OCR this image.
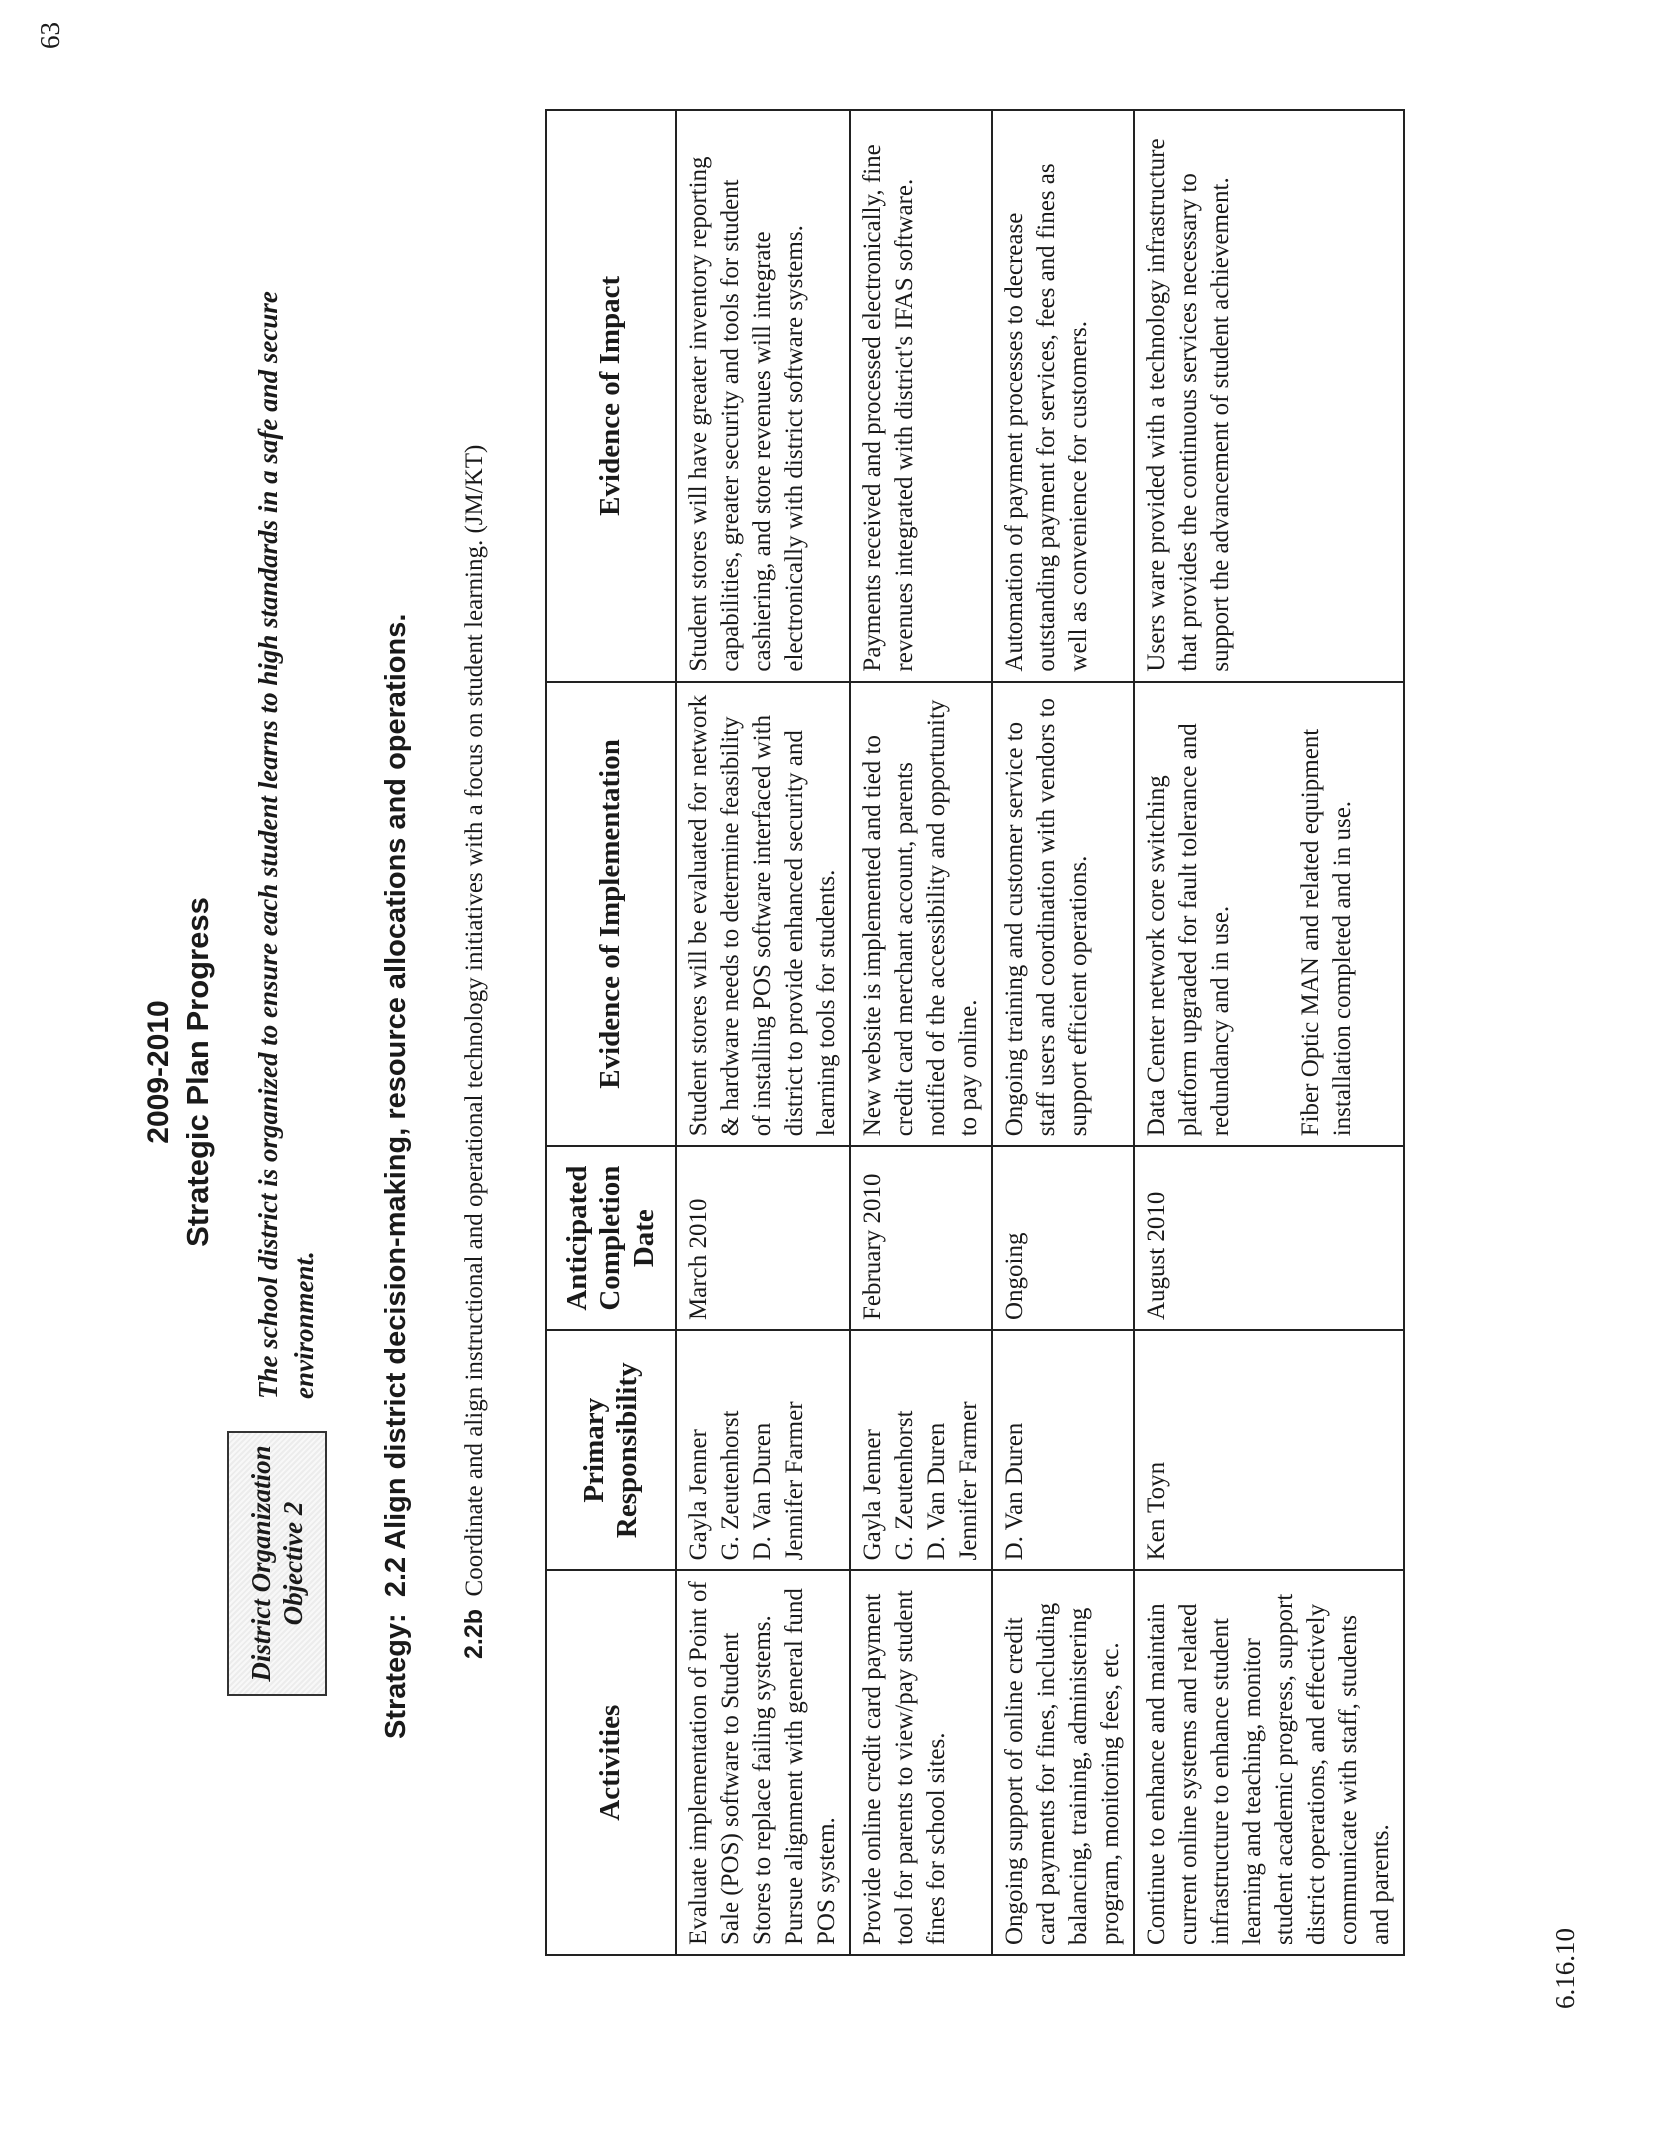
63
2009-2010 Strategic Plan Progress
District Organization Objective 2
The school district is organized to ensure each student learns to high standards in a safe and secure environment.
Strategy:  2.2 Align district decision-making, resource allocations and operations.
2.2b  Coordinate and align instructional and operational technology initiatives with a focus on student learning. (JM/KT)
Activities	Primary Responsibility	Anticipated Completion Date	Evidence of Implementation	Evidence of Impact
Evaluate implementation of Point of Sale (POS) software to Student Stores to replace failing systems. Pursue alignment with general fund POS system.	Gayla Jenner G. Zeutenhorst D. Van Duren Jennifer Farmer	March 2010	Student stores will be evaluated for network & hardware needs to determine feasibility of installing POS software interfaced with district to provide enhanced security and learning tools for students.	Student stores will have greater inventory reporting capabilities, greater security and tools for student cashiering, and store revenues will integrate electronically with district software systems.
Provide online credit card payment tool for parents to view/pay student fines for school sites.	Gayla Jenner G. Zeutenhorst D. Van Duren Jennifer Farmer	February 2010	New website is implemented and tied to credit card merchant account, parents notified of the accessibility and opportunity to pay online.	Payments received and processed electronically, fine revenues integrated with district's IFAS software.
Ongoing support of online credit card payments for fines, including balancing, training, administering program, monitoring fees, etc.	D. Van Duren	Ongoing	Ongoing training and customer service to staff users and coordination with vendors to support efficient operations.	Automation of payment processes to decrease outstanding payment for services, fees and fines as well as convenience for customers.
Continue to enhance and maintain current online systems and related infrastructure to enhance student learning and teaching, monitor student academic progress, support district operations, and effectively communicate with staff, students and parents.	Ken Toyn	August 2010	Data Center network core switching platform upgraded for fault tolerance and redundancy and in use. Fiber Optic MAN and related equipment installation completed and in use.	Users ware provided with a technology infrastructure that provides the continuous services necessary to support the advancement of student achievement.
6.16.10
